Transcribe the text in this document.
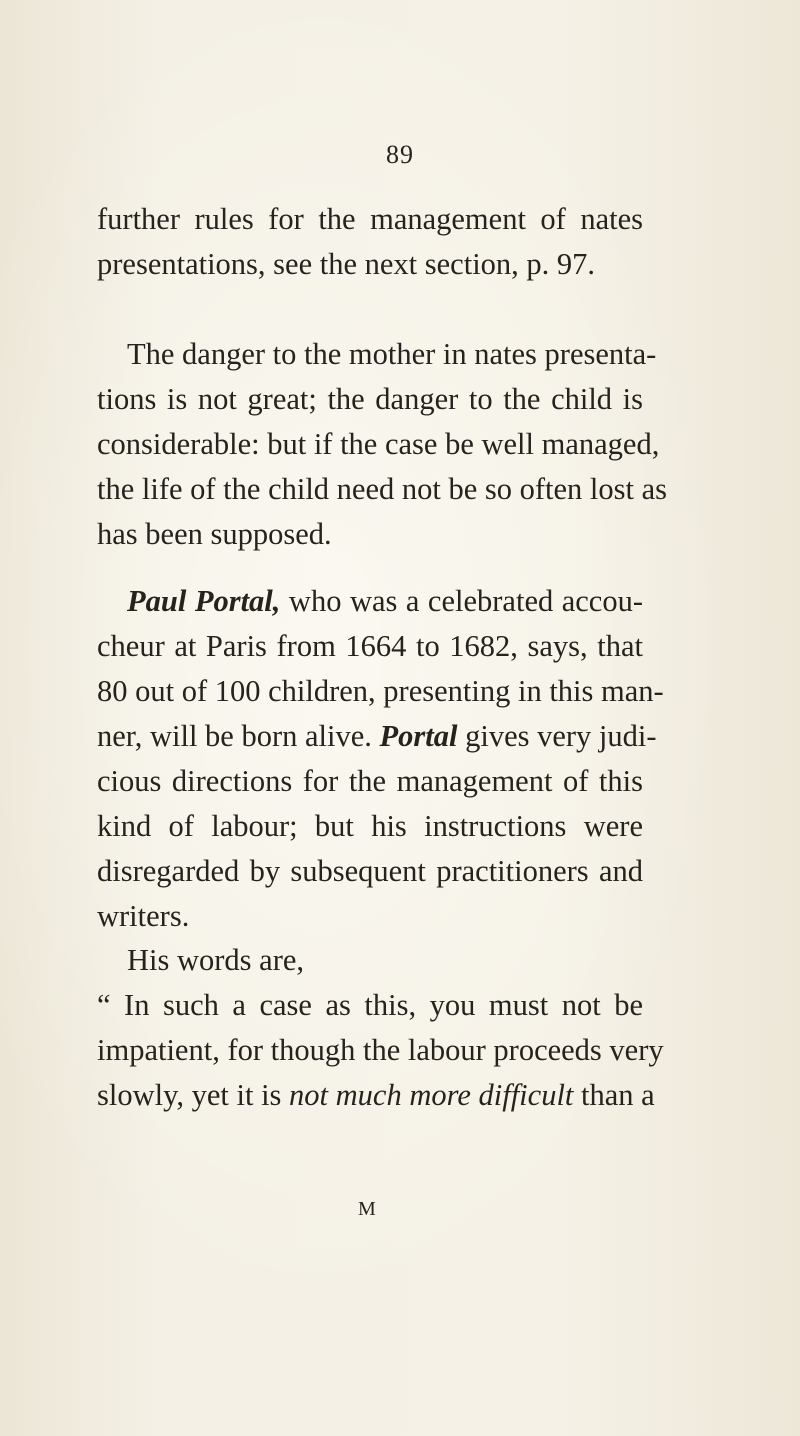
89
further rules for the management of nates
presentations, see the next section, p. 97.
The danger to the mother in nates presenta-
tions is not great; the danger to the child is
considerable: but if the case be well managed,
the life of the child need not be so often lost as
has been supposed.
Paul Portal, who was a celebrated accou-
cheur at Paris from 1664 to 1682, says, that
80 out of 100 children, presenting in this man-
ner, will be born alive. Portal gives very judi-
cious directions for the management of this
kind of labour; but his instructions were
disregarded by subsequent practitioners and
writers.
His words are,
“ In such a case as this, you must not be
impatient, for though the labour proceeds very
slowly, yet it is not much more difficult than a
M
